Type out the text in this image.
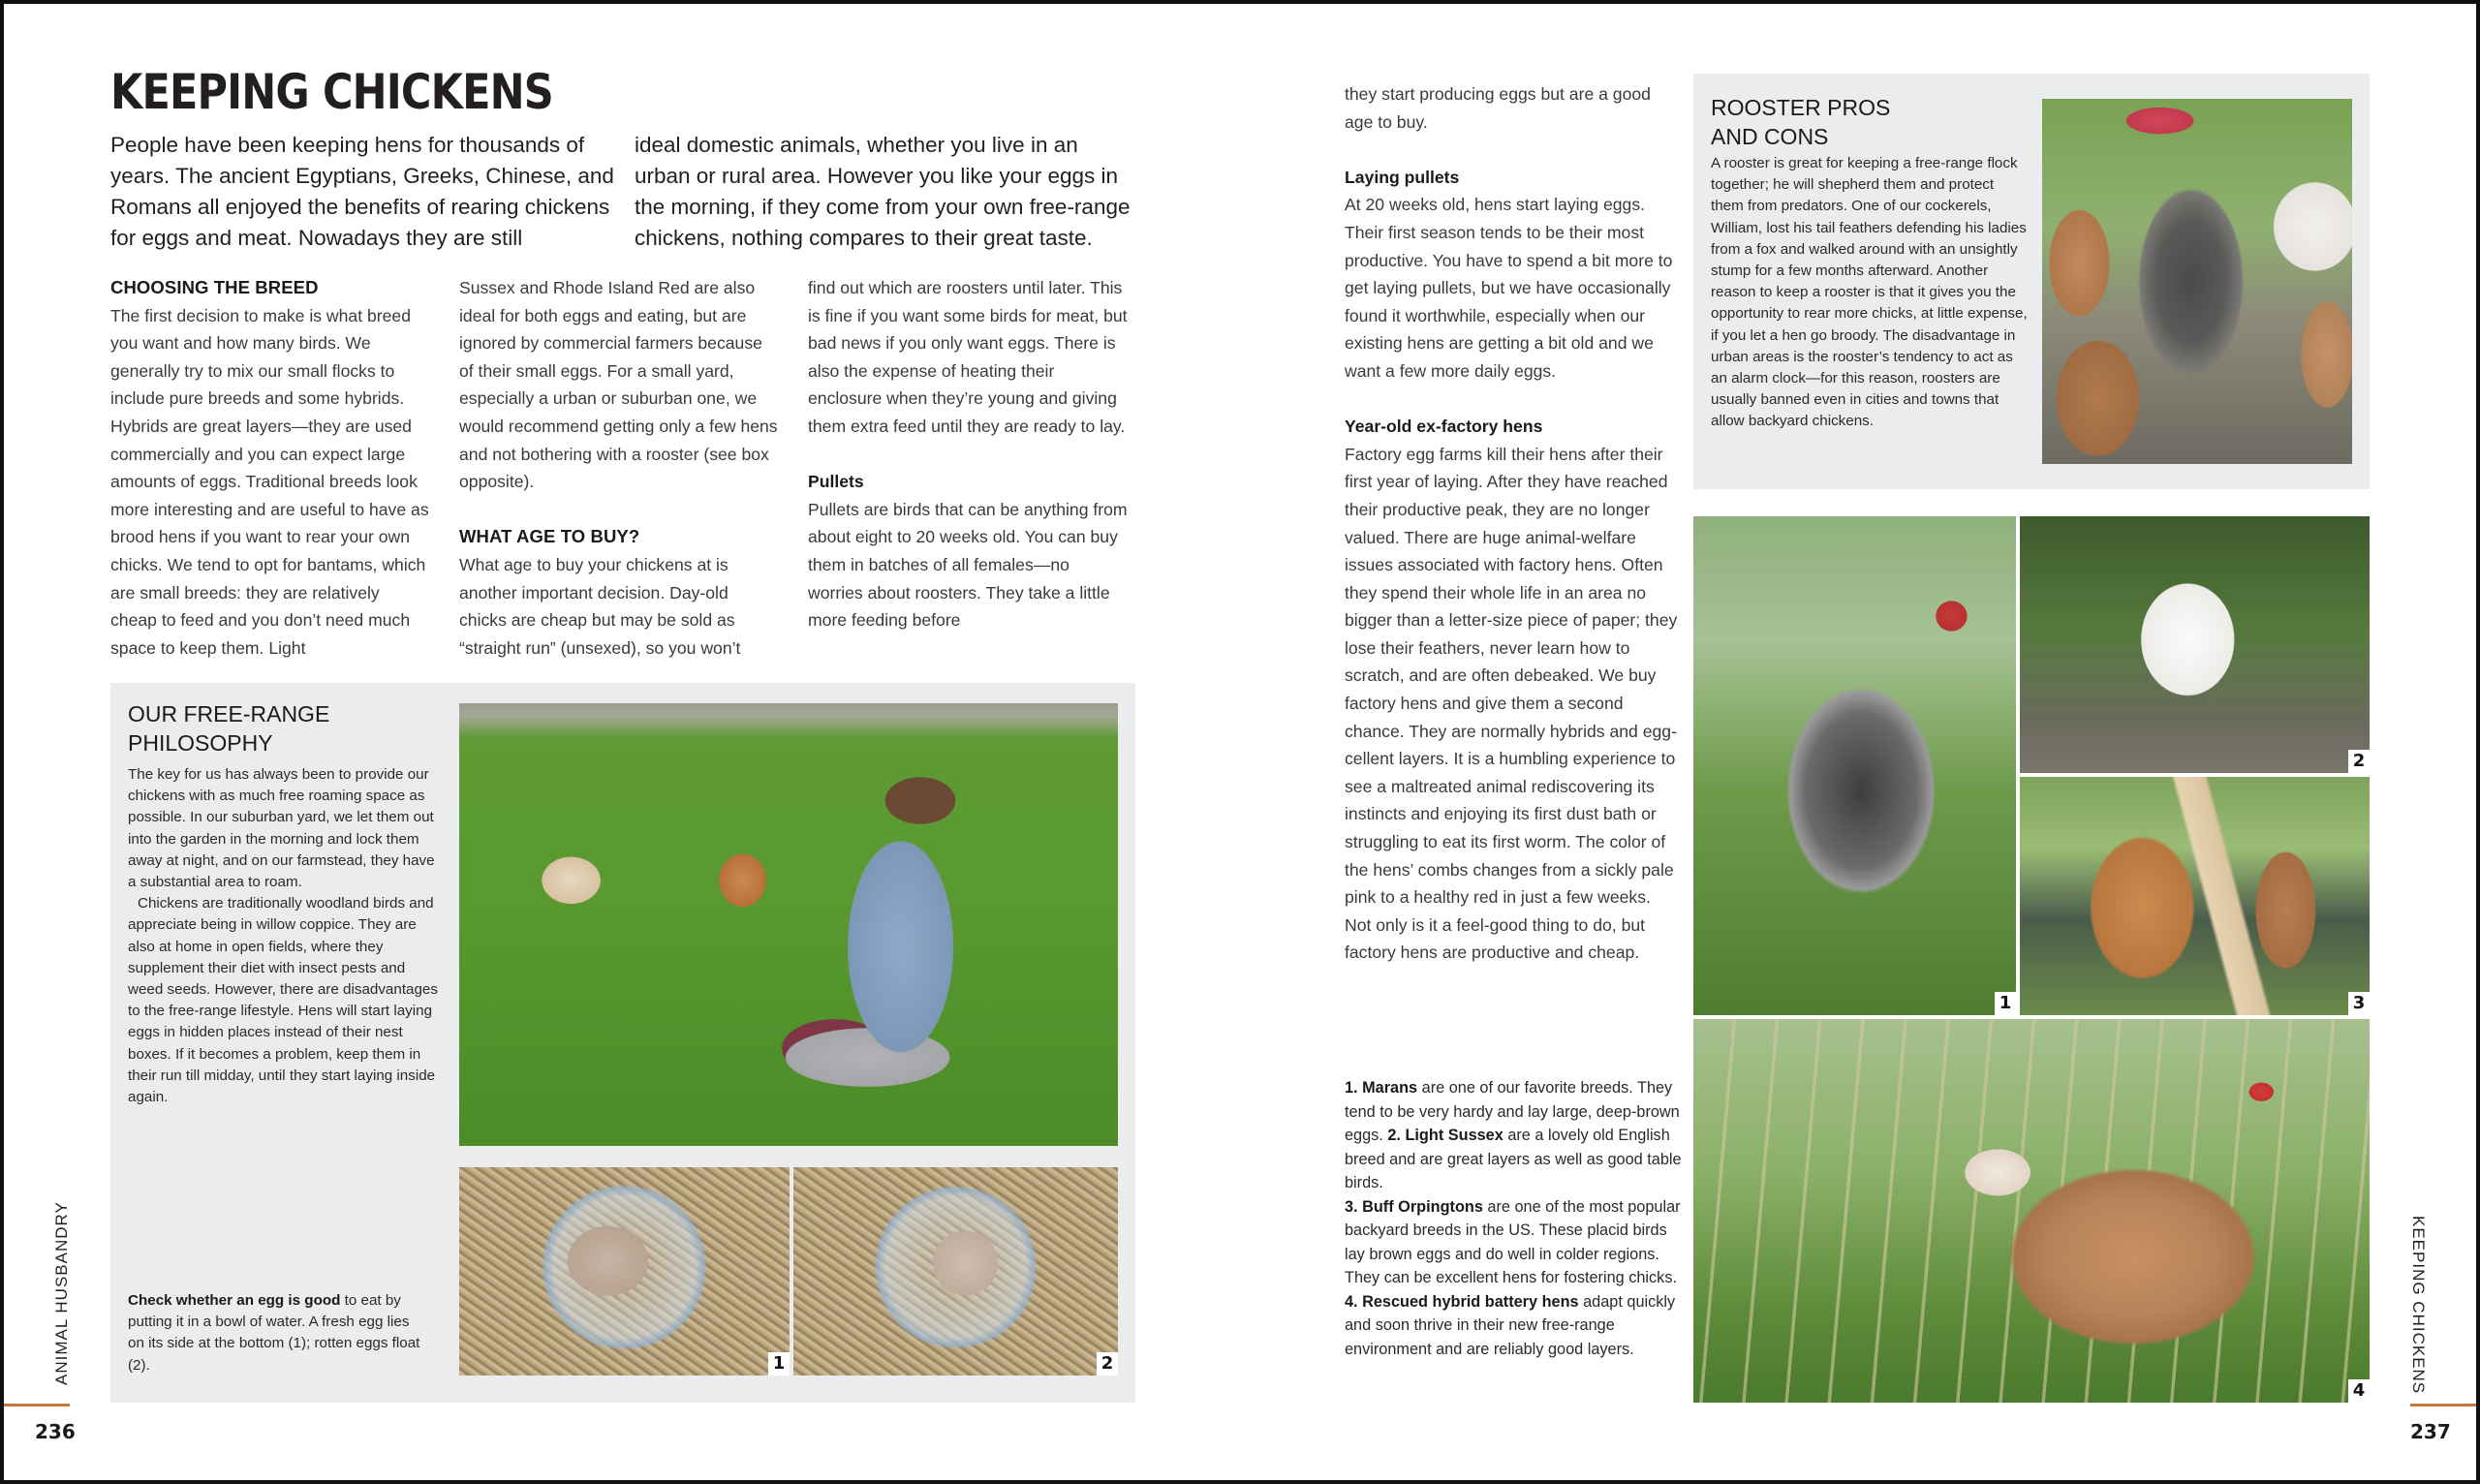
KEEPING CHICKENS

People have been keeping hens for thousands of years. The ancient Egyptians, Greeks, Chinese, and Romans all enjoyed the benefits of rearing chickens for eggs and meat. Nowadays they are still

ideal domestic animals, whether you live in an urban or rural area. However you like your eggs in the morning, if they come from your own free-range chickens, nothing compares to their great taste.

CHOOSING THE BREED
The first decision to make is what breed you want and how many birds. We generally try to mix our small flocks to include pure breeds and some hybrids. Hybrids are great layers—they are used commercially and you can expect large amounts of eggs. Traditional breeds look more interesting and are useful to have as brood hens if you want to rear your own chicks. We tend to opt for bantams, which are small breeds: they are relatively cheap to feed and you don’t need much space to keep them. Light
Sussex and Rhode Island Red are also ideal for both eggs and eating, but are ignored by commercial farmers because of their small eggs. For a small yard, especially a urban or suburban one, we would recommend getting only a few hens and not bothering with a rooster (see box opposite).
WHAT AGE TO BUY?
What age to buy your chickens at is another important decision. Day-old chicks are cheap but may be sold as “straight run” (unsexed), so you won’t
find out which are roosters until later. This is fine if you want some birds for meat, but bad news if you only want eggs. There is also the expense of heating their enclosure when they’re young and giving them extra feed until they are ready to lay.
Pullets
Pullets are birds that can be anything from about eight to 20 weeks old. You can buy them in batches of all females—no worries about roosters. They take a little more feeding before
OUR FREE-RANGE PHILOSOPHY
The key for us has always been to provide our chickens with as much free roaming space as possible. In our suburban yard, we let them out into the garden in the morning and lock them away at night, and on our farmstead, they have a substantial area to roam.
Chickens are traditionally woodland birds and appreciate being in willow coppice. They are also at home in open fields, where they supplement their diet with insect pests and weed seeds. However, there are disadvantages to the free-range lifestyle. Hens will start laying eggs in hidden places instead of their nest boxes. If it becomes a problem, keep them in their run till midday, until they start laying inside again.
Check whether an egg is good to eat by putting it in a bowl of water. A fresh egg lies on its side at the bottom (1); rotten eggs float (2).	1	2
ANIMAL HUSBANDRY
236
they start producing eggs but are a good age to buy.
Laying pullets
At 20 weeks old, hens start laying eggs. Their first season tends to be their most productive. You have to spend a bit more to get laying pullets, but we have occasionally found it worthwhile, especially when our existing hens are getting a bit old and we want a few more daily eggs.
Year-old ex-factory hens
Factory egg farms kill their hens after their first year of laying. After they have reached their productive peak, they are no longer valued. There are huge animal-welfare issues associated with factory hens. Often they spend their whole life in an area no bigger than a letter-size piece of paper; they lose their feathers, never learn how to scratch, and are often debeaked. We buy factory hens and give them a second chance. They are normally hybrids and egg-cellent layers. It is a humbling experience to see a maltreated animal rediscovering its instincts and enjoying its first dust bath or struggling to eat its first worm. The color of the hens’ combs changes from a sickly pale pink to a healthy red in just a few weeks. Not only is it a feel-good thing to do, but factory hens are productive and cheap.
1. Marans are one of our favorite breeds. They tend to be very hardy and lay large, deep-brown eggs. 2. Light Sussex are a lovely old English breed and are great layers as well as good table birds.
3. Buff Orpingtons are one of the most popular backyard breeds in the US. These placid birds lay brown eggs and do well in colder regions. They can be excellent hens for fostering chicks.
4. Rescued hybrid battery hens adapt quickly and soon thrive in their new free-range environment and are reliably good layers.
ROOSTER PROS AND CONS
A rooster is great for keeping a free-range flock together; he will shepherd them and protect them from predators. One of our cockerels, William, lost his tail feathers defending his ladies from a fox and walked around with an unsightly stump for a few months afterward. Another reason to keep a rooster is that it gives you the opportunity to rear more chicks, at little expense, if you let a hen go broody. The disadvantage in urban areas is the rooster’s tendency to act as an alarm clock—for this reason, roosters are usually banned even in cities and towns that allow backyard chickens.
1
2
3
4	KEEPING CHICKENS
237
